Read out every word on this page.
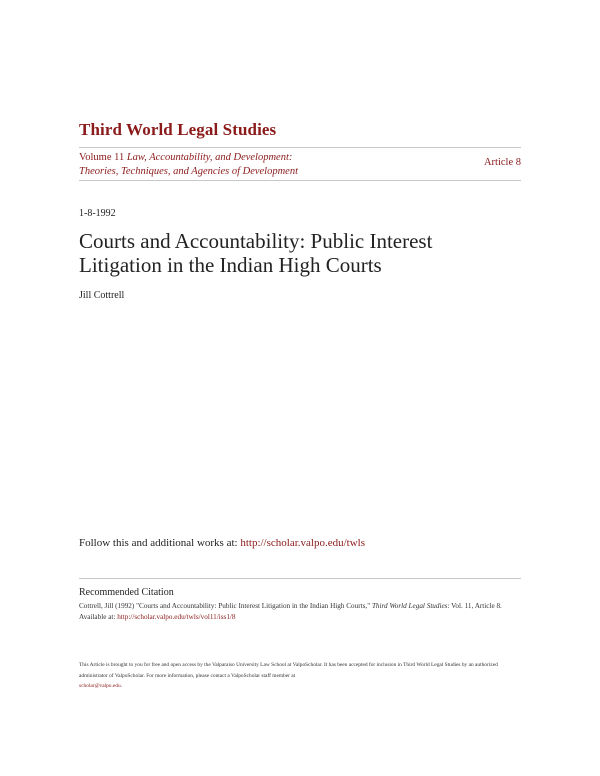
Third World Legal Studies
Volume 11 Law, Accountability, and Development:
Theories, Techniques, and Agencies of Development
Article 8
1-8-1992
Courts and Accountability: Public Interest
Litigation in the Indian High Courts
Jill Cottrell
Follow this and additional works at: http://scholar.valpo.edu/twls
Recommended Citation
Cottrell, Jill (1992) "Courts and Accountability: Public Interest Litigation in the Indian High Courts," Third World Legal Studies: Vol. 11, Article 8.
Available at: http://scholar.valpo.edu/twls/vol11/iss1/8
This Article is brought to you for free and open access by the Valparaiso University Law School at ValpoScholar. It has been accepted for inclusion in Third World Legal Studies by an authorized administrator of ValpoScholar. For more information, please contact a ValpoScholar staff member at
scholar@valpo.edu.
